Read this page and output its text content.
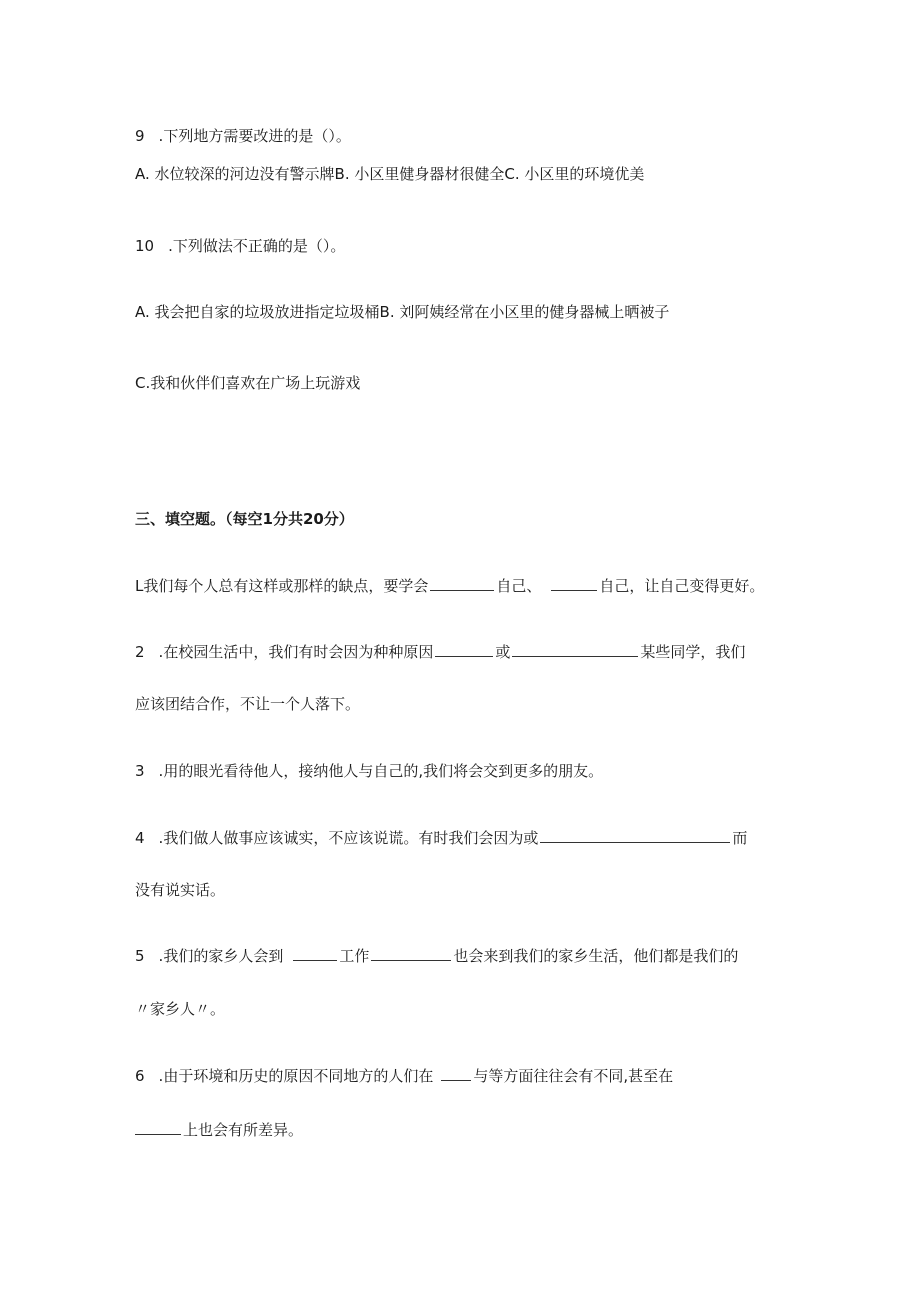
9 .下列地方需要改进的是（）。
A. 水位较深的河边没有警示牌B. 小区里健身器材很健全C. 小区里的环境优美
10 .下列做法不正确的是（）。
A. 我会把自家的垃圾放进指定垃圾桶B. 刘阿姨经常在小区里的健身器械上晒被子
C.我和伙伴们喜欢在广场上玩游戏
三、填空题。（每空1分共20分）
L我们每个人总有这样或那样的缺点，要学会	自己、	自己，让自己变得更好。
2 .在校园生活中，我们有时会因为种种原因	或	某些同学，我们
应该团结合作，不让一个人落下。
3 .用的眼光看待他人，接纳他人与自己的,我们将会交到更多的朋友。
4 .我们做人做事应该诚实，不应该说谎。有时我们会因为或	而
没有说实话。
5 .我们的家乡人会到	工作	也会来到我们的家乡生活，他们都是我们的
〃家乡人〃。
6 .由于环境和历史的原因不同地方的人们在	与等方面往往会有不同,甚至在
上也会有所差异。
